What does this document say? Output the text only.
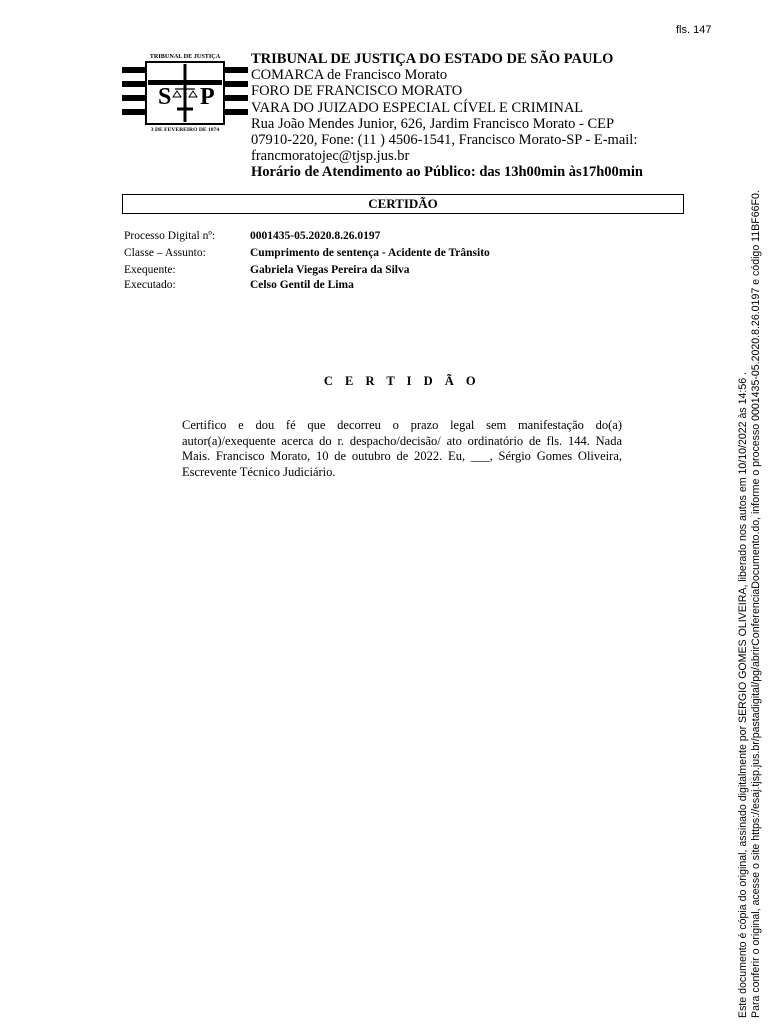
fls. 147
S P
TRIBUNAL DE JUSTIÇA
3 DE FEVEREIRO DE 1874
TRIBUNAL DE JUSTIÇA DO ESTADO DE SÃO PAULO
COMARCA de Francisco Morato
FORO DE FRANCISCO MORATO
VARA DO JUIZADO ESPECIAL CÍVEL E CRIMINAL
Rua João Mendes Junior, 626, Jardim Francisco Morato - CEP
07910-220, Fone: (11 ) 4506-1541, Francisco Morato-SP - E-mail:
francmoratojec@tjsp.jus.br
Horário de Atendimento ao Público: das 13h00min às17h00min
CERTIDÃO
Processo Digital nº:	0001435-05.2020.8.26.0197
Classe – Assunto:	Cumprimento de sentença - Acidente de Trânsito
Exequente:	Gabriela Viegas Pereira da Silva
Executado:	Celso Gentil de Lima
C E R T I D Ã O
Certifico e dou fé que decorreu o prazo legal sem manifestação do(a) autor(a)/exequente acerca do r. despacho/decisão/ ato ordinatório de fls. 144. Nada Mais. Francisco Morato, 10 de outubro de 2022. Eu, ___, Sérgio Gomes Oliveira, Escrevente Técnico Judiciário.	Este documento é cópia do original, assinado digitalmente por SERGIO GOMES OLIVEIRA, liberado nos autos em 10/10/2022 às 14:56 . Para conferir o original, acesse o site https://esaj.tjsp.jus.br/pastadigital/pg/abrirConferenciaDocumento.do, informe o processo 0001435-05.2020.8.26.0197 e código 11BF66F0.
